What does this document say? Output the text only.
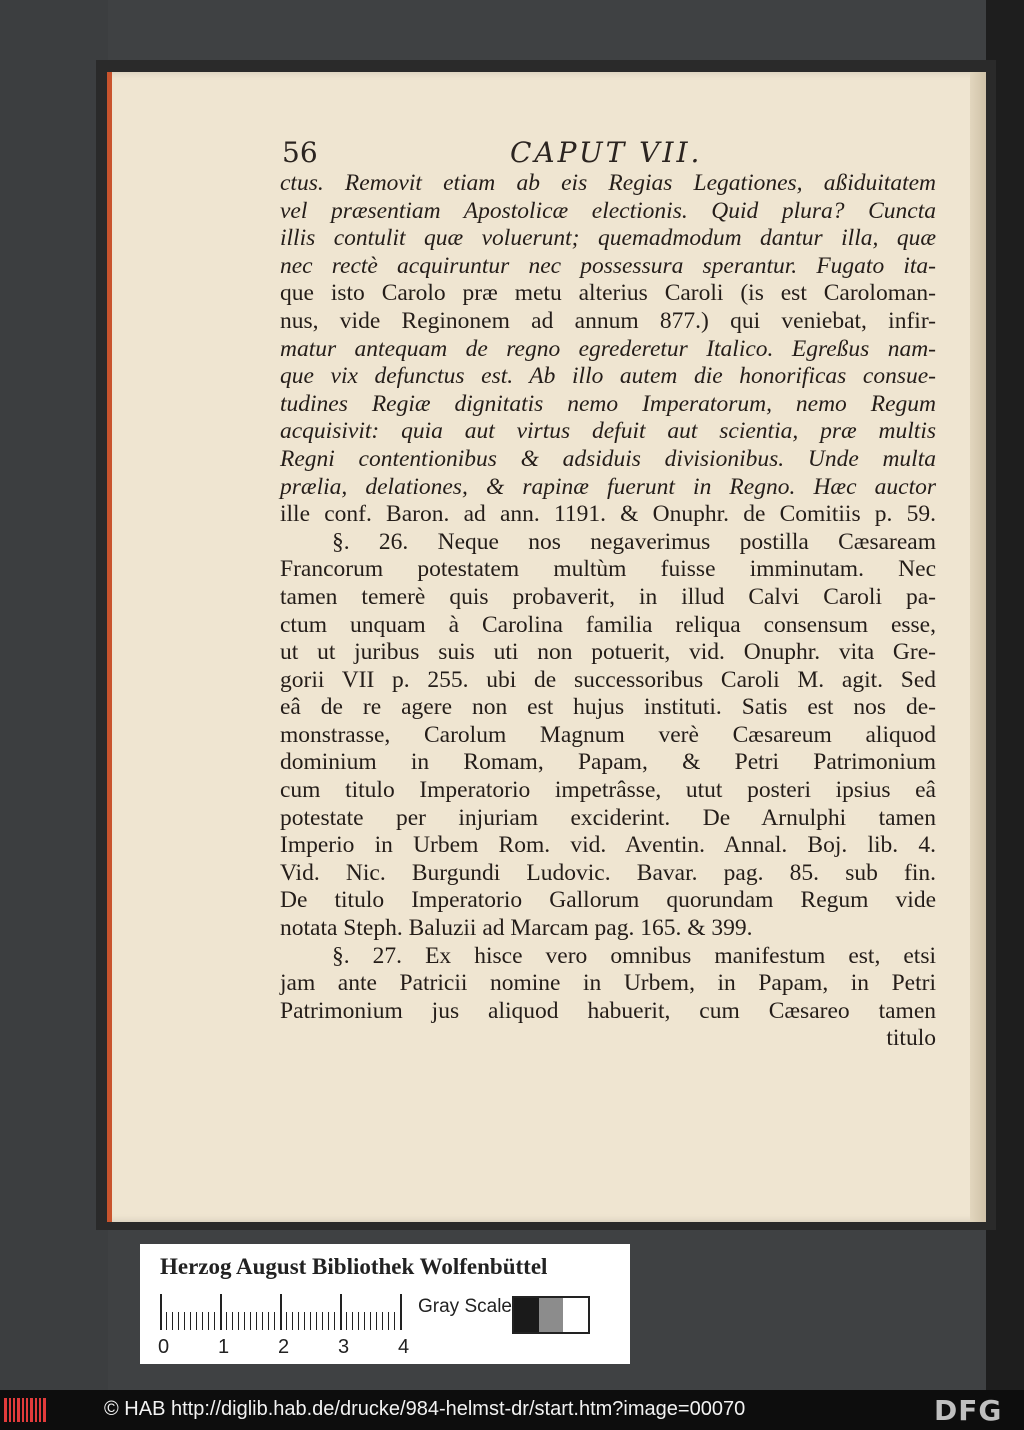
56	CAPUT VII.
ctus. Removit etiam ab eis Regias Legationes, aßiduitatem
vel præsentiam Apostolicæ electionis. Quid plura? Cuncta
illis contulit quæ voluerunt; quemadmodum dantur illa, quæ
nec rectè acquiruntur nec possessura sperantur. Fugato ita-
que isto Carolo præ metu alterius Caroli (is est Caroloman-
nus, vide Reginonem ad annum 877.) qui veniebat, infir-
matur antequam de regno egrederetur Italico. Egreßus nam-
que vix defunctus est. Ab illo autem die honorificas consue-
tudines Regiæ dignitatis nemo Imperatorum, nemo Regum
acquisivit: quia aut virtus defuit aut scientia, præ multis
Regni contentionibus & adsiduis divisionibus. Unde multa
prælia, delationes, & rapinæ fuerunt in Regno. Hæc auctor
ille conf. Baron. ad ann. 1191. & Onuphr. de Comitiis p. 59.
§. 26. Neque nos negaverimus postilla Cæsaream
Francorum potestatem multùm fuisse imminutam. Nec
tamen temerè quis probaverit, in illud Calvi Caroli pa-
ctum unquam à Carolina familia reliqua consensum esse,
ut ut juribus suis uti non potuerit, vid. Onuphr. vita Gre-
gorii VII p. 255. ubi de successoribus Caroli M. agit. Sed
eâ de re agere non est hujus instituti. Satis est nos de-
monstrasse, Carolum Magnum verè Cæsareum aliquod
dominium in Romam, Papam, & Petri Patrimonium
cum titulo Imperatorio impetrâsse, utut posteri ipsius eâ
potestate per injuriam exciderint. De Arnulphi tamen
Imperio in Urbem Rom. vid. Aventin. Annal. Boj. lib. 4.
Vid. Nic. Burgundi Ludovic. Bavar. pag. 85. sub fin.
De titulo Imperatorio Gallorum quorundam Regum vide
notata Steph. Baluzii ad Marcam pag. 165. & 399.
§. 27. Ex hisce vero omnibus manifestum est, etsi
jam ante Patricii nomine in Urbem, in Papam, in Petri
Patrimonium jus aliquod habuerit, cum Cæsareo tamen
titulo
Herzog August Bibliothek Wolfenbüttel
0 1 2 3 4
Gray Scale
© HAB http://diglib.hab.de/drucke/984-helmst-dr/start.htm?image=00070	DFG
